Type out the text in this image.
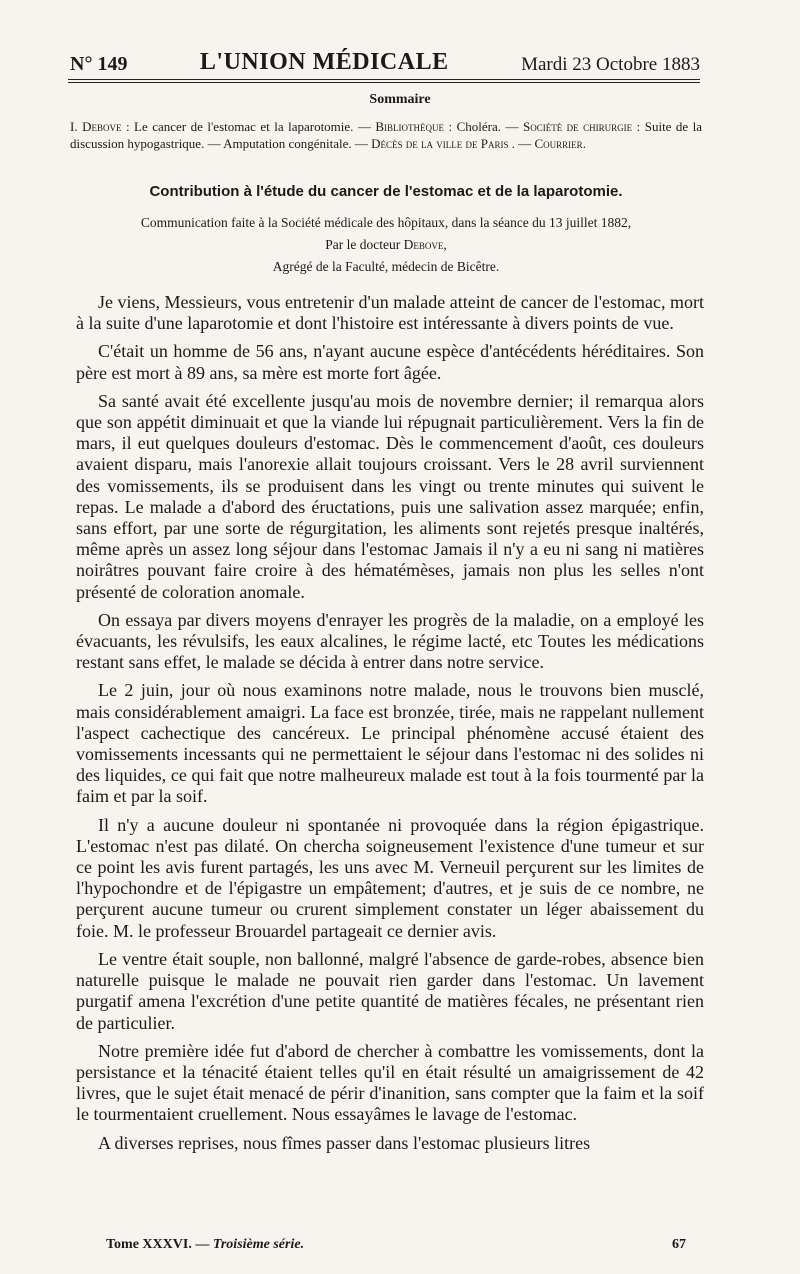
N° 149	L'UNION MÉDICALE	Mardi 23 Octobre 1883
Sommaire
I. Debove : Le cancer de l'estomac et la laparotomie. — Bibliothèque : Choléra. — Société de chirurgie : Suite de la discussion hypogastrique. — Amputation congénitale. — Décès de la ville de Paris . — Courrier.
Contribution à l'étude du cancer de l'estomac et de la laparotomie.
Communication faite à la Société médicale des hôpitaux, dans la séance du 13 juillet 1882,
Par le docteur Debove,
Agrégé de la Faculté, médecin de Bicêtre.

Je viens, Messieurs, vous entretenir d'un malade atteint de cancer de l'estomac, mort à la suite d'une laparotomie et dont l'histoire est intéressante à divers points de vue.

C'était un homme de 56 ans, n'ayant aucune espèce d'antécédents héréditaires. Son père est mort à 89 ans, sa mère est morte fort âgée.

Sa santé avait été excellente jusqu'au mois de novembre dernier; il remarqua alors que son appétit diminuait et que la viande lui répugnait particulièrement. Vers la fin de mars, il eut quelques douleurs d'estomac. Dès le commencement d'août, ces douleurs avaient disparu, mais l'anorexie allait toujours croissant. Vers le 28 avril surviennent des vomissements, ils se produisent dans les vingt ou trente minutes qui suivent le repas. Le malade a d'abord des éructations, puis une salivation assez marquée; enfin, sans effort, par une sorte de régurgitation, les aliments sont rejetés presque inaltérés, même après un assez long séjour dans l'estomac Jamais il n'y a eu ni sang ni matières noirâtres pouvant faire croire à des hématémèses, jamais non plus les selles n'ont présenté de coloration anomale.

On essaya par divers moyens d'enrayer les progrès de la maladie, on a employé les évacuants, les révulsifs, les eaux alcalines, le régime lacté, etc Toutes les médications restant sans effet, le malade se décida à entrer dans notre service.

Le 2 juin, jour où nous examinons notre malade, nous le trouvons bien musclé, mais considérablement amaigri. La face est bronzée, tirée, mais ne rappelant nullement l'aspect cachectique des cancéreux. Le principal phénomène accusé étaient des vomissements incessants qui ne permettaient le séjour dans l'estomac ni des solides ni des liquides, ce qui fait que notre malheureux malade est tout à la fois tourmenté par la faim et par la soif.

Il n'y a aucune douleur ni spontanée ni provoquée dans la région épigastrique. L'estomac n'est pas dilaté. On chercha soigneusement l'existence d'une tumeur et sur ce point les avis furent partagés, les uns avec M. Verneuil perçurent sur les limites de l'hypochondre et de l'épigastre un empâtement; d'autres, et je suis de ce nombre, ne perçurent aucune tumeur ou crurent simplement constater un léger abaissement du foie. M. le professeur Brouardel partageait ce dernier avis.

Le ventre était souple, non ballonné, malgré l'absence de garde-robes, absence bien naturelle puisque le malade ne pouvait rien garder dans l'estomac. Un lavement purgatif amena l'excrétion d'une petite quantité de matières fécales, ne présentant rien de particulier.

Notre première idée fut d'abord de chercher à combattre les vomissements, dont la persistance et la ténacité étaient telles qu'il en était résulté un amaigrissement de 42 livres, que le sujet était menacé de périr d'inanition, sans compter que la faim et la soif le tourmentaient cruellement. Nous essayâmes le lavage de l'estomac.

A diverses reprises, nous fîmes passer dans l'estomac plusieurs litres

Tome XXXVI. — Troisième série.	67
